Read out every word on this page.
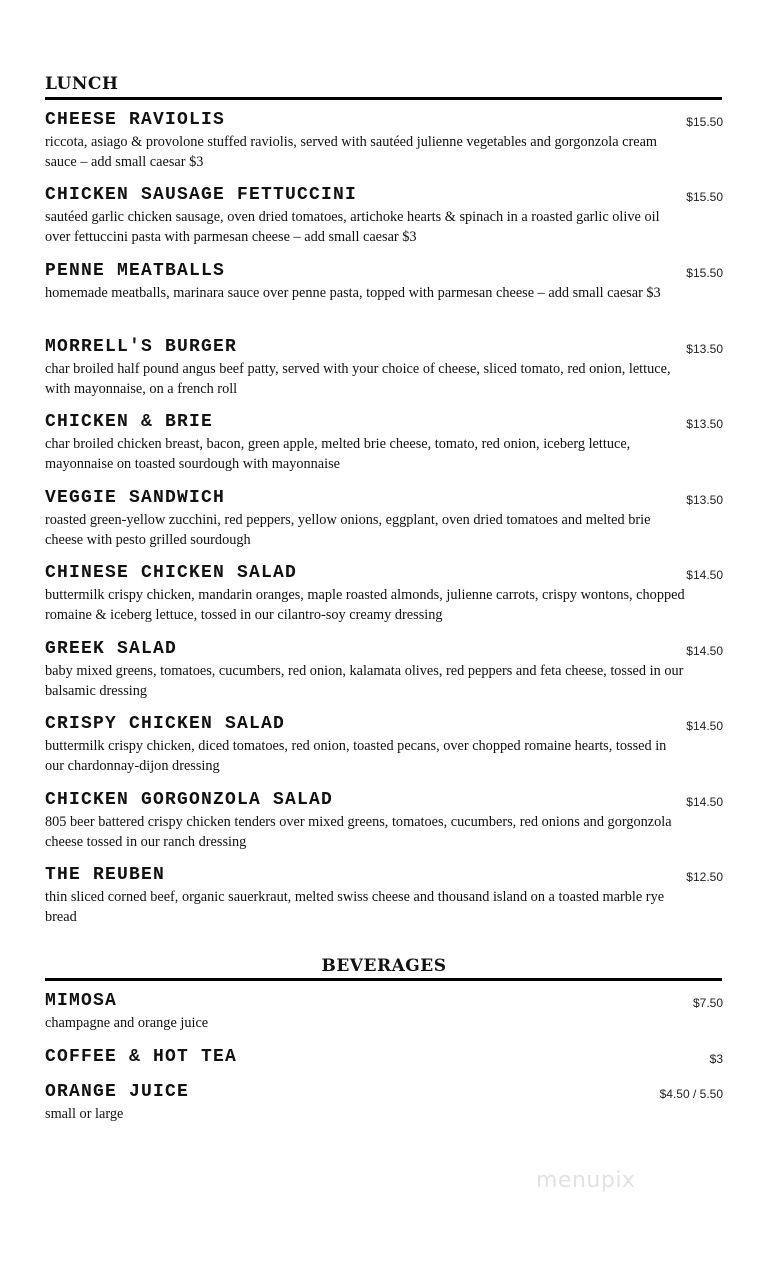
LUNCH
CHEESE RAVIOLIS	$15.50
riccota, asiago & provolone stuffed raviolis, served with sautéed julienne vegetables and gorgonzola cream sauce – add small caesar $3
CHICKEN SAUSAGE FETTUCCINI	$15.50
sautéed garlic chicken sausage, oven dried tomatoes, artichoke hearts & spinach in a roasted garlic olive oil over fettuccini pasta with parmesan cheese – add small caesar $3
PENNE MEATBALLS	$15.50
homemade meatballs, marinara sauce over penne pasta, topped with parmesan cheese – add small caesar $3
MORRELL'S BURGER	$13.50
char broiled half pound angus beef patty, served with your choice of cheese, sliced tomato, red onion, lettuce, with mayonnaise, on a french roll
CHICKEN & BRIE	$13.50
char broiled chicken breast, bacon, green apple, melted brie cheese, tomato, red onion, iceberg lettuce, mayonnaise on toasted sourdough with mayonnaise
VEGGIE SANDWICH	$13.50
roasted green-yellow zucchini, red peppers, yellow onions, eggplant, oven dried tomatoes and melted brie cheese with pesto grilled sourdough
CHINESE CHICKEN SALAD	$14.50
buttermilk crispy chicken, mandarin oranges, maple roasted almonds, julienne carrots, crispy wontons, chopped romaine & iceberg lettuce, tossed in our cilantro-soy creamy dressing
GREEK SALAD	$14.50
baby mixed greens, tomatoes, cucumbers, red onion, kalamata olives, red peppers and feta cheese, tossed in our balsamic dressing
CRISPY CHICKEN SALAD	$14.50
buttermilk crispy chicken, diced tomatoes, red onion, toasted pecans, over chopped romaine hearts, tossed in our chardonnay-dijon dressing
CHICKEN GORGONZOLA SALAD	$14.50
805 beer battered crispy chicken tenders over mixed greens, tomatoes, cucumbers, red onions and gorgonzola cheese tossed in our ranch dressing
THE REUBEN	$12.50
thin sliced corned beef, organic sauerkraut, melted swiss cheese and thousand island on a toasted marble rye bread
BEVERAGES
MIMOSA	$7.50
champagne and orange juice
COFFEE & HOT TEA	$3
ORANGE JUICE	$4.50 / 5.50
small or large
menupix
